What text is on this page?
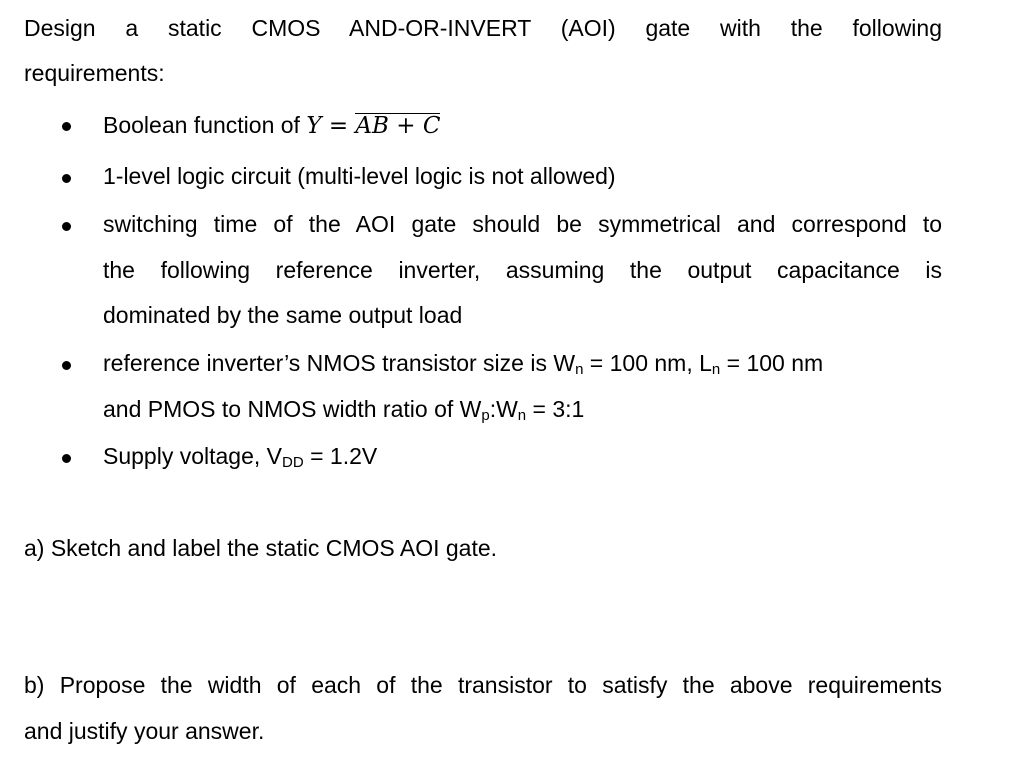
Design a static CMOS AND-OR-INVERT (AOI) gate with the following
requirements:
Boolean function of Y = AB + C
1-level logic circuit (multi-level logic is not allowed)
switching time of the AOI gate should be symmetrical and correspond to
the following reference inverter, assuming the output capacitance is
dominated by the same output load
reference inverter’s NMOS transistor size is Wn = 100 nm, Ln = 100 nm
and PMOS to NMOS width ratio of Wp:Wn = 3:1
Supply voltage, VDD = 1.2V
a) Sketch and label the static CMOS AOI gate.
b) Propose the width of each of the transistor to satisfy the above requirements
and justify your answer.
